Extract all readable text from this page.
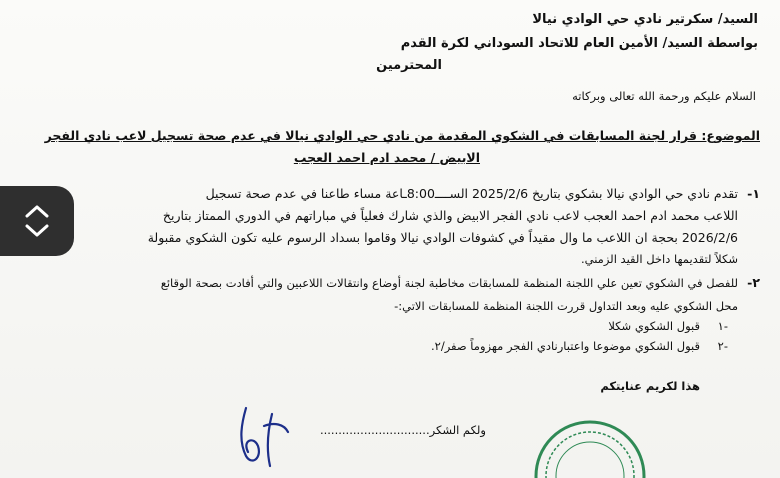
السيد/ سكرتير نادي حي الوادي نيالا
بواسطة السيد/ الأمين العام للاتحاد السوداني لكرة القدم
المحترمين
السلام عليكم ورحمة الله تعالى وبركاته
الموضوع: قرار لجنة المسابقات في الشكوي المقدمة من نادي حي الوادي نيالا في عدم صحة تسجيل لاعب نادي الفجر
الابيض / محمد ادم احمد العجب
-١
تقدم نادي حي الوادي نيالا بشكوي بتاريخ 2025/2/6 الســــ8:00ـاعة مساء طاعنا في عدم صحة تسجيل
اللاعب محمد ادم احمد العجب لاعب نادي الفجر الابيض والذي شارك فعلياً في مباراتهم في الدوري الممتاز بتاريخ
2026/2/6 بحجة ان اللاعب ما وال مقيداً في كشوفات الوادي نيالا وقاموا بسداد الرسوم عليه تكون الشكوي مقبولة
شكلاً لتقديمها داخل القيد الزمني.
-٢
للفصل في الشكوي تعين علي اللجنة المنظمة للمسابقات مخاطبة لجنة أوضاع وانتقالات اللاعبين والتي أفادت بصحة الوقائع
محل الشكوي عليه وبعد التداول قررت اللجنة المنظمة للمسابقات الاتي:-
١-
قبول الشكوي شكلا
٢-
قبول الشكوي موضوعا واعتبارنادي الفجر مهزوماً صفر/٢.
هذا لكريم عنايتكم
ولكم الشكر..............................
